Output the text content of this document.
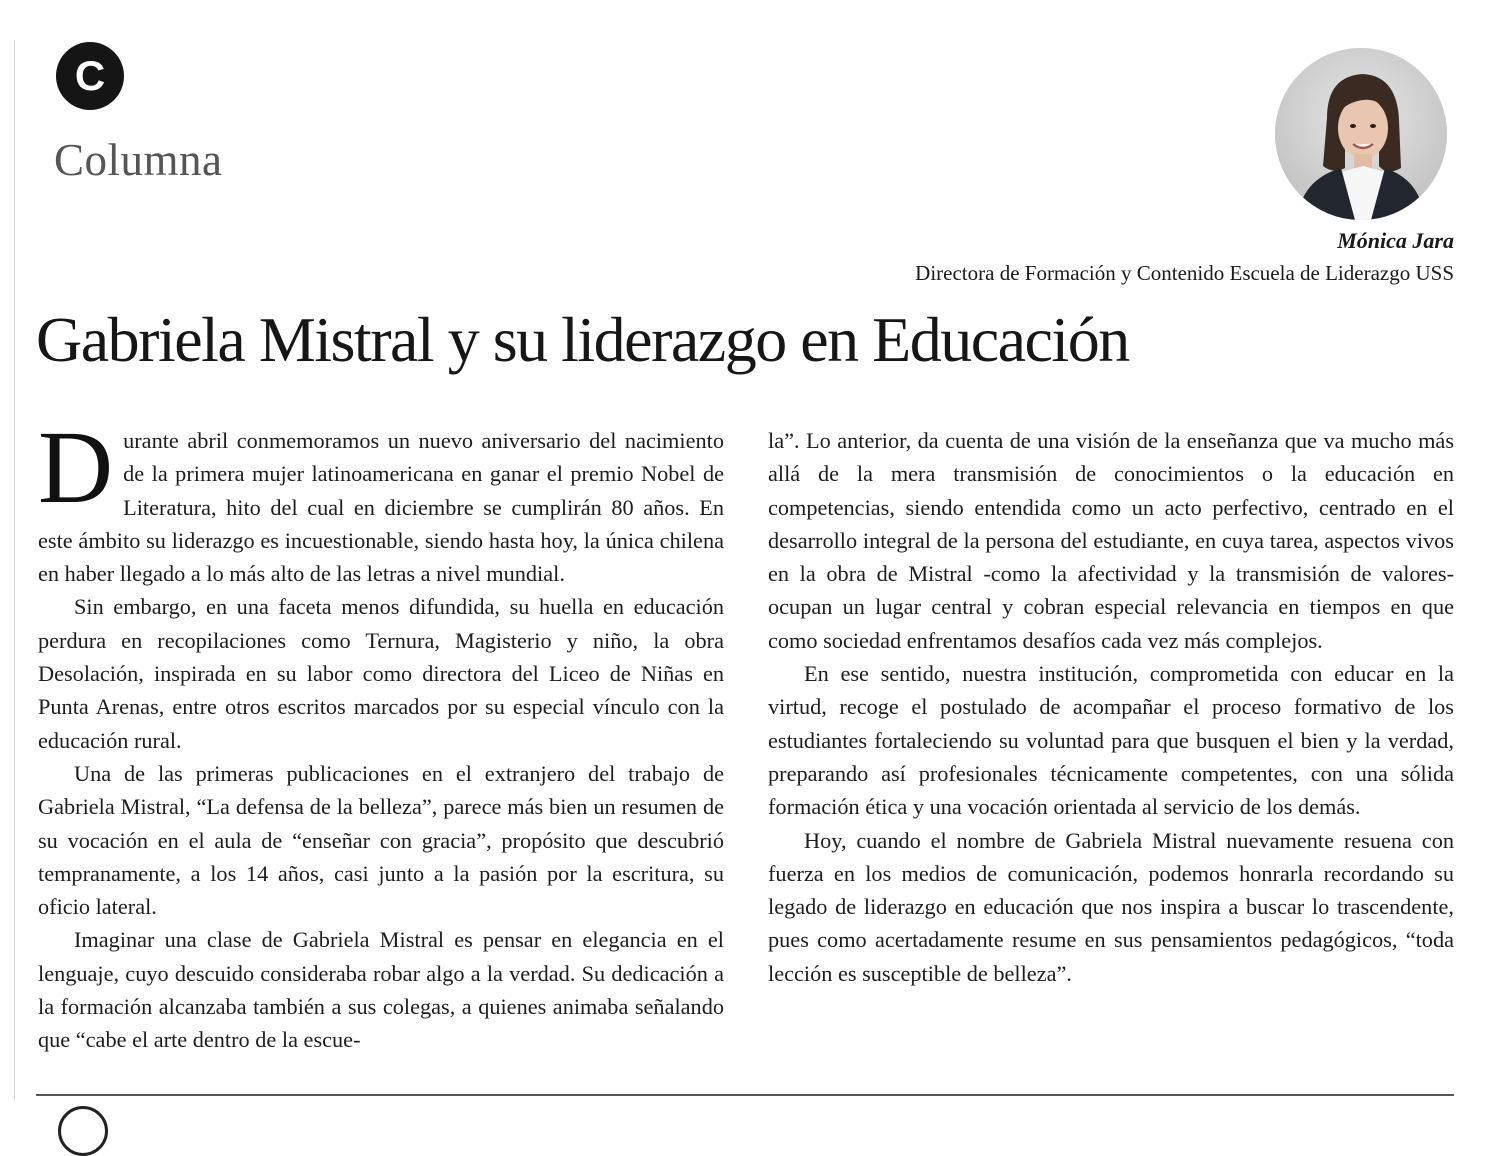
C
Columna
Mónica Jara
Directora de Formación y Contenido Escuela de Liderazgo USS
Gabriela Mistral y su liderazgo en Educación

Durante abril conmemoramos un nuevo aniversario del nacimiento de la primera mujer latinoamericana en ganar el premio Nobel de Literatura, hito del cual en diciembre se cumplirán 80 años. En este ámbito su liderazgo es incuestionable, siendo hasta hoy, la única chilena en haber llegado a lo más alto de las letras a nivel mundial.

Sin embargo, en una faceta menos difundida, su huella en educación perdura en recopilaciones como Ternura, Magisterio y niño, la obra Desolación, inspirada en su labor como directora del Liceo de Niñas en Punta Arenas, entre otros escritos marcados por su especial vínculo con la educación rural.

Una de las primeras publicaciones en el extranjero del trabajo de Gabriela Mistral, “La defensa de la belleza”, parece más bien un resumen de su vocación en el aula de “enseñar con gracia”, propósito que descubrió tempranamente, a los 14 años, casi junto a la pasión por la escritura, su oficio lateral.

Imaginar una clase de Gabriela Mistral es pensar en elegancia en el lenguaje, cuyo descuido consideraba robar algo a la verdad. Su dedicación a la formación alcanzaba también a sus colegas, a quienes animaba señalando que “cabe el arte dentro de la escue-

la”. Lo anterior, da cuenta de una visión de la enseñanza que va mucho más allá de la mera transmisión de conocimientos o la educación en competencias, siendo entendida como un acto perfectivo, centrado en el desarrollo integral de la persona del estudiante, en cuya tarea, aspectos vivos en la obra de Mistral -como la afectividad y la transmisión de valores- ocupan un lugar central y cobran especial relevancia en tiempos en que como sociedad enfrentamos desafíos cada vez más complejos.

En ese sentido, nuestra institución, comprometida con educar en la virtud, recoge el postulado de acompañar el proceso formativo de los estudiantes fortaleciendo su voluntad para que busquen el bien y la verdad, preparando así profesionales técnicamente competentes, con una sólida formación ética y una vocación orientada al servicio de los demás.

Hoy, cuando el nombre de Gabriela Mistral nuevamente resuena con fuerza en los medios de comunicación, podemos honrarla recordando su legado de liderazgo en educación que nos inspira a buscar lo trascendente, pues como acertadamente resume en sus pensamientos pedagógicos, “toda lección es susceptible de belleza”.
